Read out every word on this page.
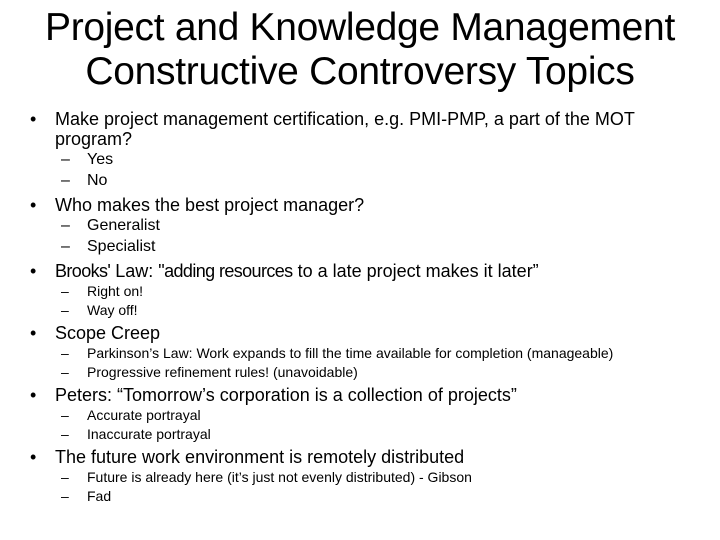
Project and Knowledge Management
Constructive Controversy Topics
• Make project management certification, e.g. PMI-PMP, a part of the MOT program?
– Yes
– No
• Who makes the best project manager?
– Generalist
– Specialist
• Brooks' Law: "adding resources to a late project makes it later”
– Right on!
– Way off!
• Scope Creep
– Parkinson’s Law: Work expands to fill the time available for completion (manageable)
– Progressive refinement rules! (unavoidable)
• Peters: “Tomorrow’s corporation is a collection of projects”
– Accurate portrayal
– Inaccurate portrayal
• The future work environment is remotely distributed
– Future is already here (it’s just not evenly distributed) - Gibson
– Fad
